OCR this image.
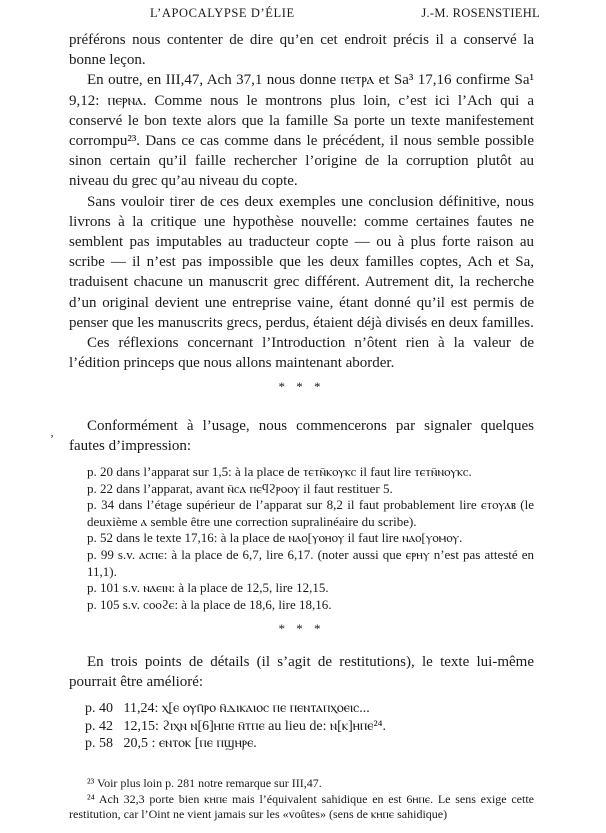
L’APOCALYPSE D’ÉLIE	J.-M. ROSENSTIEHL
‚

préférons nous contenter de dire qu’en cet endroit précis il a conservé la bonne leçon.

En outre, en III,47, Ach 37,1 nous donne ⲡⲉⲧⲣⲁ et Sa³ 17,16 confirme Sa¹ 9,12: ⲡⲉⲣⲛⲁ. Comme nous le montrons plus loin, c’est ici l’Ach qui a conservé le bon texte alors que la famille Sa porte un texte manifestement corrompu²³. Dans ce cas comme dans le précédent, il nous semble possible sinon certain qu’il faille rechercher l’origine de la corruption plutôt au niveau du grec qu’au niveau du copte.

Sans vouloir tirer de ces deux exemples une conclusion définitive, nous livrons à la critique une hypothèse nouvelle: comme certaines fautes ne semblent pas imputables au traducteur copte — ou à plus forte raison au scribe — il n’est pas impossible que les deux familles coptes, Ach et Sa, traduisent chacune un manuscrit grec différent. Autrement dit, la recherche d’un original devient une entreprise vaine, étant donné qu’il est permis de penser que les manuscrits grecs, perdus, étaient déjà divisés en deux familles.

Ces réflexions concernant l’Introduction n’ôtent rien à la valeur de l’édition princeps que nous allons maintenant aborder.

* * *

Conformément à l’usage, nous commencerons par signaler quelques fautes d’impression:

p. 20 dans l’apparat sur 1,5: à la place de ⲧⲉⲧⲛ̄ⲕⲟⲩⲕⲥ il faut lire ⲧⲉⲧⲛ̄ⲛⲟⲩⲕⲥ.

p. 22 dans l’apparat, avant ⲛ̄ⲥⲁ ⲡⲉϥϩⲣⲟⲟⲩ il faut restituer 5.

p. 34 dans l’étage supérieur de l’apparat sur 8,2 il faut probablement lire ⲉⲧⲟⲩⲁⲃ (le deuxième ⲁ semble être une correction supralinéaire du scribe).

p. 52 dans le texte 17,16: à la place de ⲛⲁⲟ[ⲩⲟⲏⲟⲩ il faut lire ⲛⲁⲟ[ⲩⲟⲙⲟⲩ.

p. 99 s.v. ⲁⲥⲡⲉ: à la place de 6,7, lire 6,17. (noter aussi que ⲉⲣⲏⲩ n’est pas attesté en 11,1).

p. 101 s.v. ⲛⲁⲉⲓⲛ: à la place de 12,5, lire 12,15.

p. 105 s.v. ⲥⲟⲟϩⲉ: à la place de 18,6, lire 18,16.

* * *

En trois points de détails (il s’agit de restitutions), le texte lui-même pourrait être amélioré:

p. 40 11,24: ⲭ[ⲉ ⲟⲩⲡ̄ⲣⲟ ⲛ̄ⲇⲓⲕⲁⲓⲟⲥ ⲡⲉ ⲡⲉⲛⲧⲁⲡⲭⲟⲉⲓⲥ...
p. 42 12,15: ϩⲓⲭⲛ ⲛ[6]ⲏⲡⲉ ⲛ̄ⲧⲡⲉ au lieu de: ⲛ[ⲕ]ⲏⲡⲉ²⁴.
p. 58 20,5 : ⲉⲛⲧⲟⲕ [ⲡⲉ ⲡϣⲏⲣⲉ.

²³ Voir plus loin p. 281 notre remarque sur III,47.

²⁴ Ach 32,3 porte bien ⲕⲏⲡⲉ mais l’équivalent sahidique en est 6ⲏⲡⲉ. Le sens exige cette restitution, car l’Oint ne vient jamais sur les «voûtes» (sens de ⲕⲏⲡⲉ sahidique)
